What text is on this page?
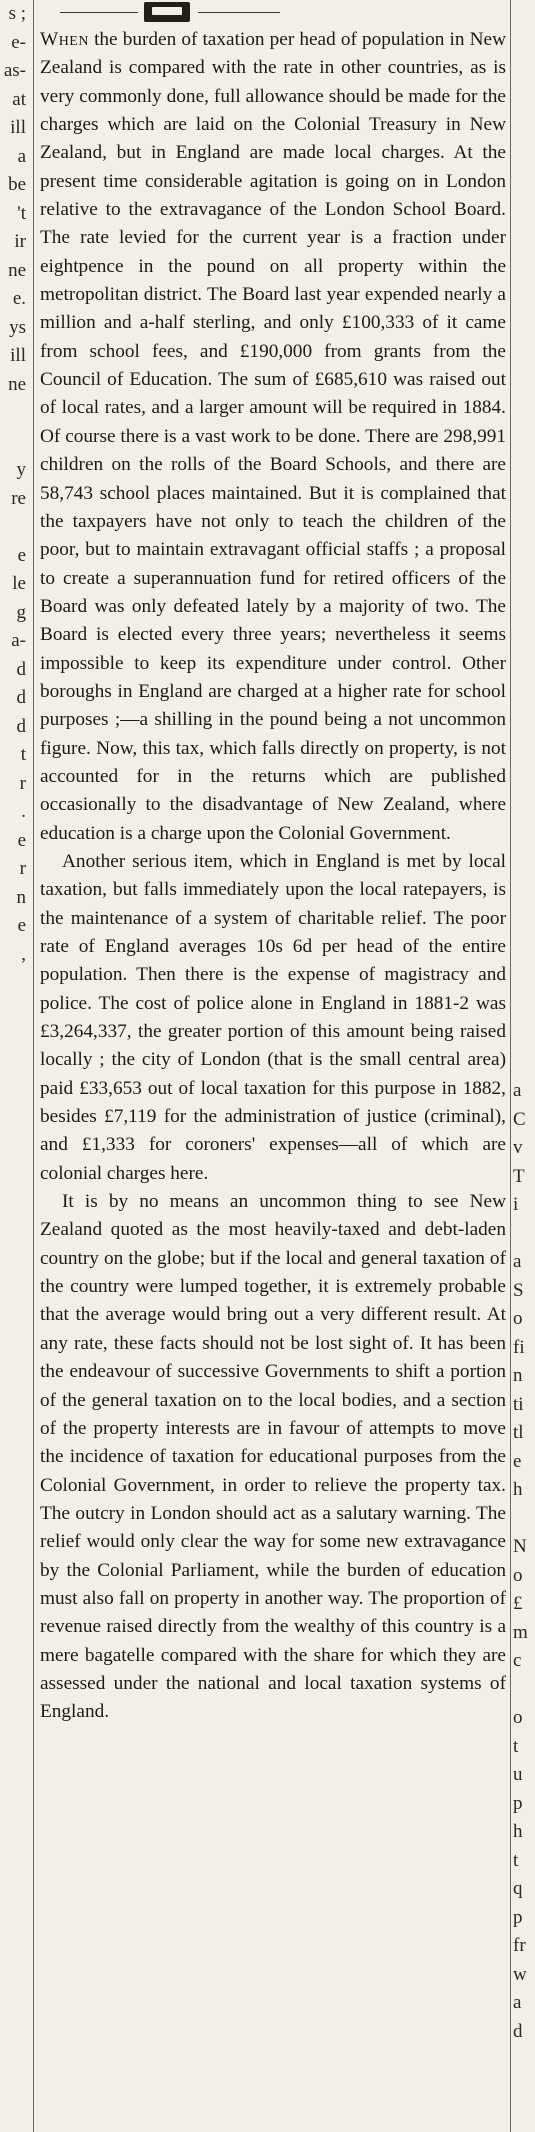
s ;
e-
as-
at
ill
a
be
't
ir
ne
e.
ys
ill
ne

y
re

e
le
g
a-
d
d
d
t
r
.
e
r
n
e
,

When the burden of taxation per head of population in New Zealand is compared with the rate in other countries, as is very commonly done, full allowance should be made for the charges which are laid on the Colonial Treasury in New Zealand, but in England are made local charges. At the present time considerable agitation is going on in London relative to the extravagance of the London School Board. The rate levied for the current year is a fraction under eightpence in the pound on all property within the metropolitan district. The Board last year expended nearly a million and a-half sterling, and only £100,333 of it came from school fees, and £190,000 from grants from the Council of Education. The sum of £685,610 was raised out of local rates, and a larger amount will be required in 1884. Of course there is a vast work to be done. There are 298,991 children on the rolls of the Board Schools, and there are 58,743 school places maintained. But it is complained that the taxpayers have not only to teach the children of the poor, but to maintain extravagant official staffs ; a proposal to create a superannuation fund for retired officers of the Board was only defeated lately by a majority of two. The Board is elected every three years; nevertheless it seems impossible to keep its expenditure under control. Other boroughs in England are charged at a higher rate for school purposes ;—a shilling in the pound being a not uncommon figure. Now, this tax, which falls directly on property, is not accounted for in the returns which are published occasionally to the disadvantage of New Zealand, where education is a charge upon the Colonial Government.

Another serious item, which in England is met by local taxation, but falls immediately upon the local ratepayers, is the maintenance of a system of charitable relief. The poor rate of England averages 10s 6d per head of the entire population. Then there is the expense of magistracy and police. The cost of police alone in England in 1881-2 was £3,264,337, the greater portion of this amount being raised locally ; the city of London (that is the small central area) paid £33,653 out of local taxation for this purpose in 1882, besides £7,119 for the administration of justice (criminal), and £1,333 for coroners' expenses—all of which are colonial charges here.

It is by no means an uncommon thing to see New Zealand quoted as the most heavily-taxed and debt-laden country on the globe; but if the local and general taxation of the country were lumped together, it is extremely probable that the average would bring out a very different result. At any rate, these facts should not be lost sight of. It has been the endeavour of successive Governments to shift a portion of the general taxation on to the local bodies, and a section of the property interests are in favour of attempts to move the incidence of taxation for educational purposes from the Colonial Government, in order to relieve the property tax. The outcry in London should act as a salutary warning. The relief would only clear the way for some new extravagance by the Colonial Parliament, while the burden of education must also fall on property in another way. The proportion of revenue raised directly from the wealthy of this country is a mere bagatelle compared with the share for which they are assessed under the national and local taxation systems of England.

a
C
v
T
i

a
S
o
fi
n
ti
tl
e
h

N
o
£
m
c

o
t
u
p
h
t
q
p
fr
w
a
d
